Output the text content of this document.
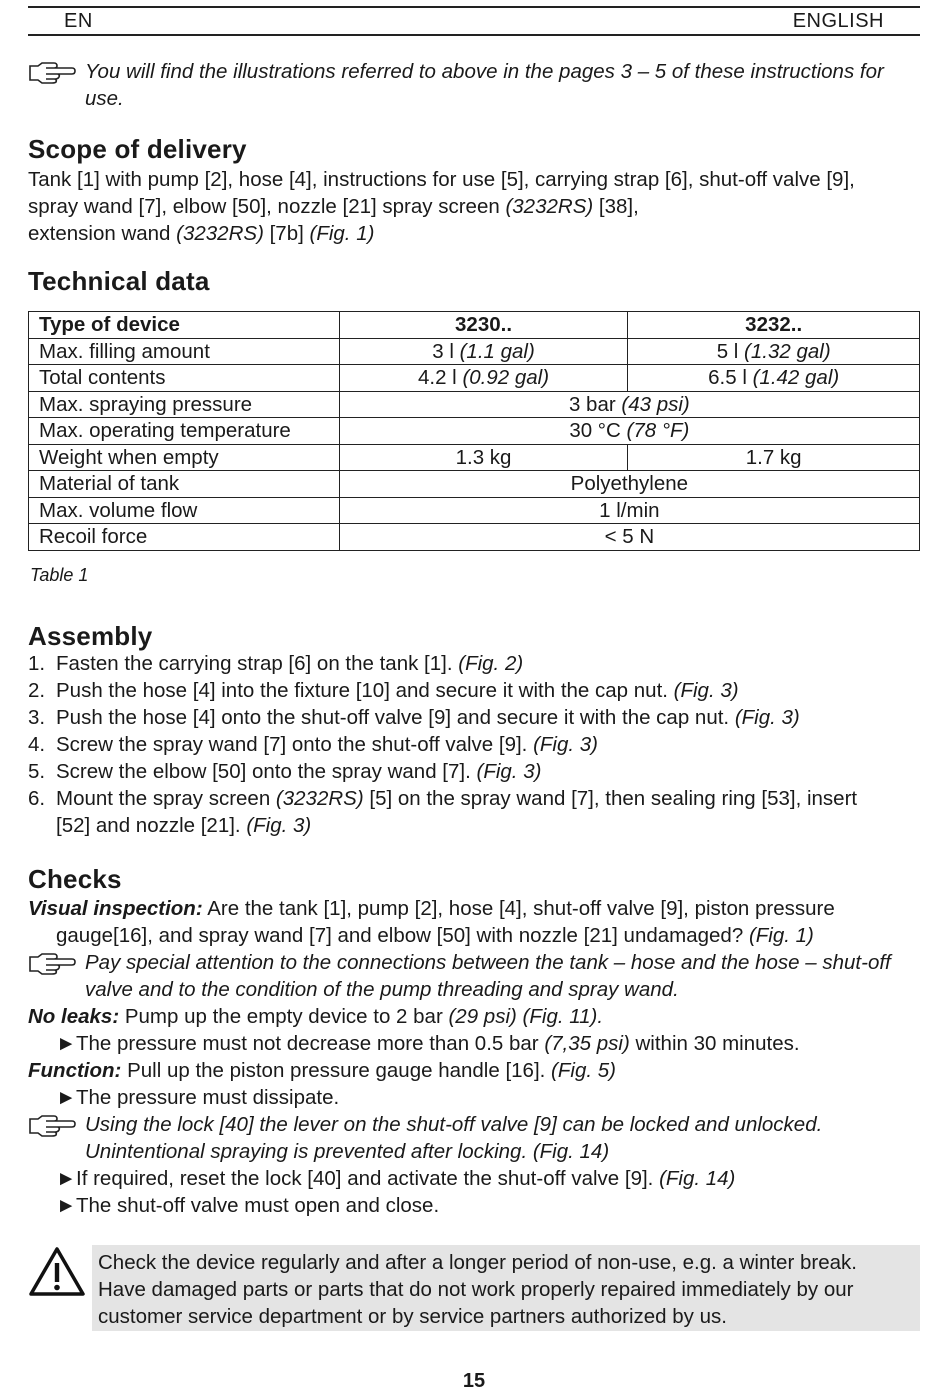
EN	ENGLISH
You will find the illustrations referred to above in the pages 3 – 5 of these instructions for use.
Scope of delivery
Tank [1] with pump [2], hose [4], instructions for use [5], carrying strap [6], shut-off valve [9],
spray wand [7], elbow [50], nozzle [21] spray screen (3232RS) [38],
extension wand (3232RS) [7b] (Fig. 1)
Technical data
Type of device	3230..	3232..
Max. filling amount	3 l (1.1 gal)	5 l (1.32 gal)
Total contents	4.2 l (0.92 gal)	6.5 l (1.42 gal)
Max. spraying pressure	3 bar (43 psi)	
Max. operating temperature	30 °C (78 °F)	
Weight when empty	1.3 kg	1.7 kg
Material of tank	Polyethylene	
Max. volume flow	1 l/min	
Recoil force	< 5 N	
Table 1
Assembly
1. Fasten the carrying strap [6] on the tank [1]. (Fig. 2)
2. Push the hose [4] into the fixture [10] and secure it with the cap nut. (Fig. 3)
3. Push the hose [4] onto the shut-off valve [9] and secure it with the cap nut. (Fig. 3)
4. Screw the spray wand [7] onto the shut-off valve [9]. (Fig. 3)
5. Screw the elbow [50] onto the spray wand [7]. (Fig. 3)
6. Mount the spray screen (3232RS) [5] on the spray wand [7], then sealing ring [53], insert
[52] and nozzle [21]. (Fig. 3)
Checks
Visual inspection: Are the tank [1], pump [2], hose [4], shut-off valve [9], piston pressure
gauge[16], and spray wand [7] and elbow [50] with nozzle [21] undamaged? (Fig. 1)
Pay special attention to the connections between the tank – hose and the hose – shut-off
valve and to the condition of the pump threading and spray wand.
No leaks: Pump up the empty device to 2 bar (29 psi) (Fig. 11).
►The pressure must not decrease more than 0.5 bar (7,35 psi) within 30 minutes.
Function: Pull up the piston pressure gauge handle [16]. (Fig. 5)
►The pressure must dissipate.
Using the lock [40] the lever on the shut-off valve [9] can be locked and unlocked.
Unintentional spraying is prevented after locking. (Fig. 14)
►If required, reset the lock [40] and activate the shut-off valve [9]. (Fig. 14)
►The shut-off valve must open and close.
Check the device regularly and after a longer period of non-use, e.g. a winter break.
Have damaged parts or parts that do not work properly repaired immediately by our
customer service department or by service partners authorized by us.
15
